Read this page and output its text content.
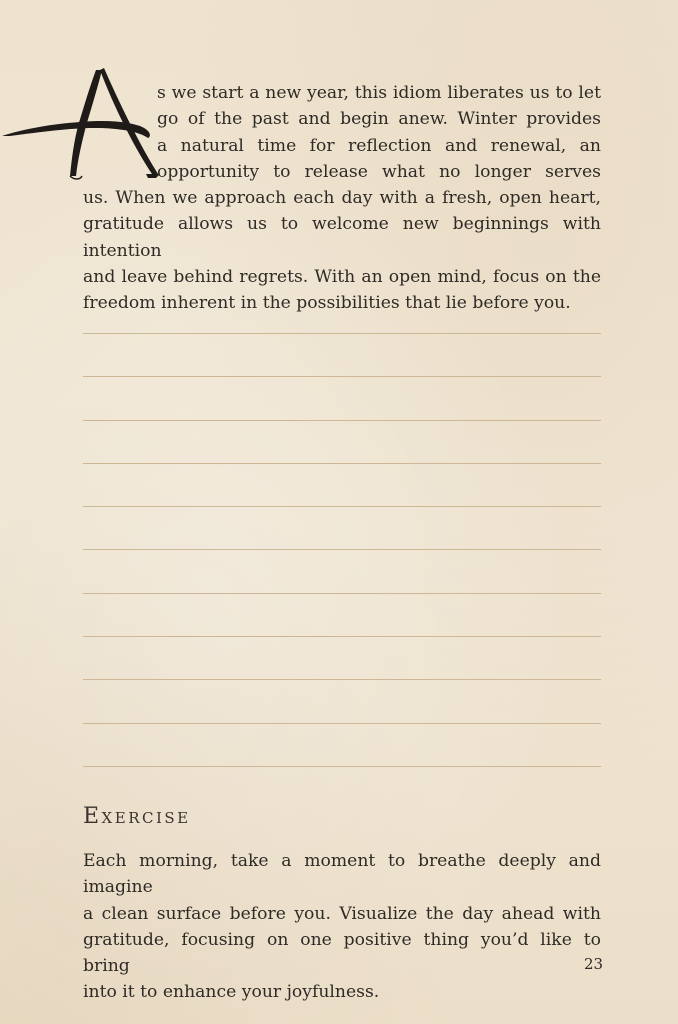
s we start a new year, this idiom liberates us to let

go of the past and begin anew. Winter provides

a natural time for reflection and renewal, an

opportunity to release what no longer serves

us. When we approach each day with a fresh, open heart,

gratitude allows us to welcome new beginnings with intention

and leave behind regrets. With an open mind, focus on the

freedom inherent in the possibilities that lie before you.

Exercise

Each morning, take a moment to breathe deeply and imagine

a clean surface before you. Visualize the day ahead with

gratitude, focusing on one positive thing you’d like to bring

into it to enhance your joyfulness.

23
